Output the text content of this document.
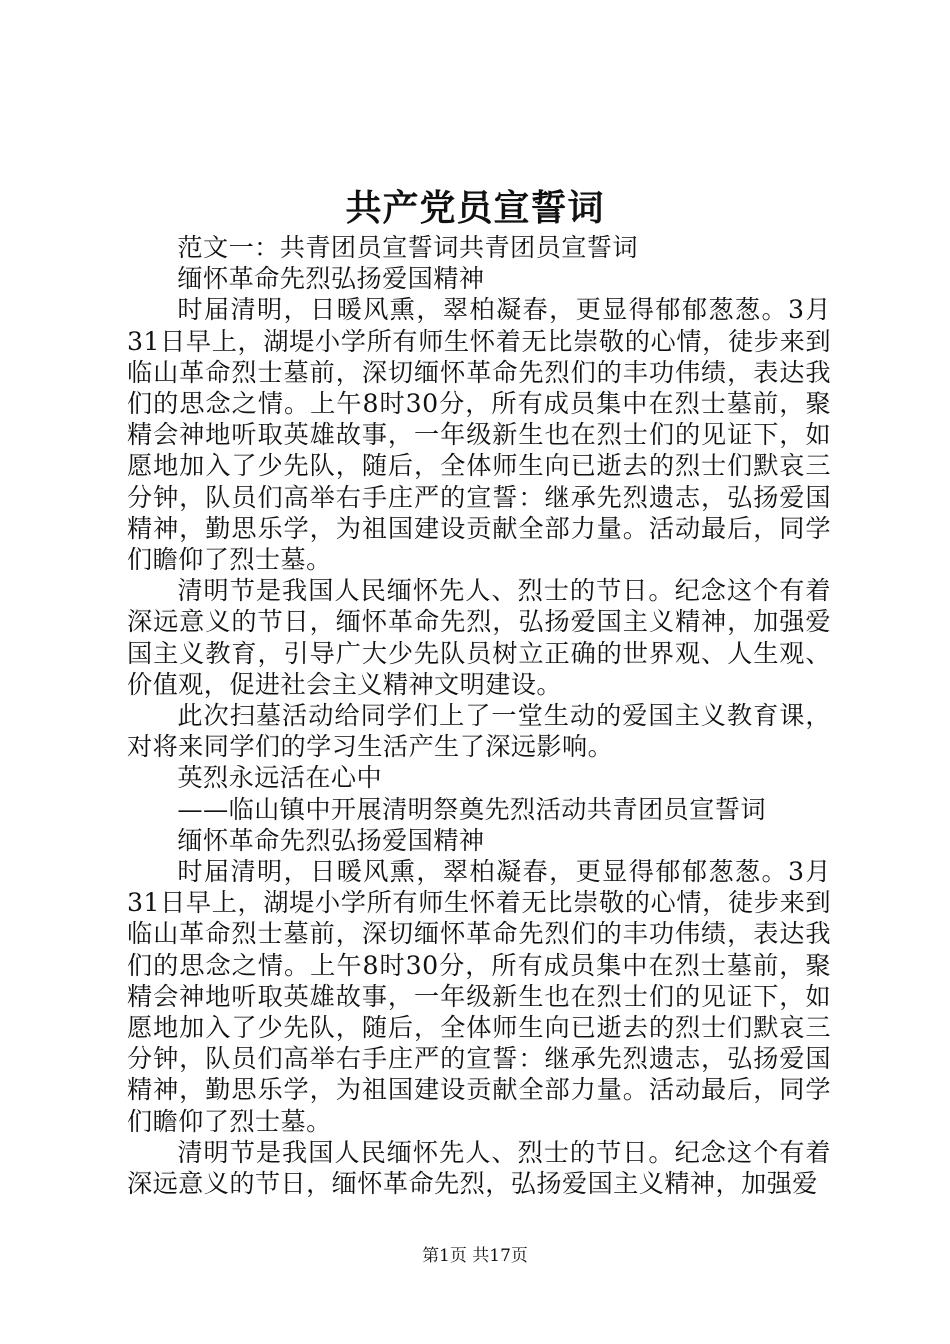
共产党员宣誓词

范文一：共青团员宣誓词共青团员宣誓词

缅怀革命先烈弘扬爱国精神

时届清明，日暖风熏，翠柏凝春，更显得郁郁葱葱。3月31日早上，湖堤小学所有师生怀着无比崇敬的心情，徒步来到临山革命烈士墓前，深切缅怀革命先烈们的丰功伟绩，表达我们的思念之情。上午8时30分，所有成员集中在烈士墓前，聚精会神地听取英雄故事，一年级新生也在烈士们的见证下，如愿地加入了少先队，随后，全体师生向已逝去的烈士们默哀三分钟，队员们高举右手庄严的宣誓：继承先烈遗志，弘扬爱国精神，勤思乐学，为祖国建设贡献全部力量。活动最后，同学们瞻仰了烈士墓。

清明节是我国人民缅怀先人、烈士的节日。纪念这个有着深远意义的节日，缅怀革命先烈，弘扬爱国主义精神，加强爱国主义教育，引导广大少先队员树立正确的世界观、人生观、价值观，促进社会主义精神文明建设。

此次扫墓活动给同学们上了一堂生动的爱国主义教育课，对将来同学们的学习生活产生了深远影响。

英烈永远活在心中

——临山镇中开展清明祭奠先烈活动共青团员宣誓词

缅怀革命先烈弘扬爱国精神

时届清明，日暖风熏，翠柏凝春，更显得郁郁葱葱。3月31日早上，湖堤小学所有师生怀着无比崇敬的心情，徒步来到临山革命烈士墓前，深切缅怀革命先烈们的丰功伟绩，表达我们的思念之情。上午8时30分，所有成员集中在烈士墓前，聚精会神地听取英雄故事，一年级新生也在烈士们的见证下，如愿地加入了少先队，随后，全体师生向已逝去的烈士们默哀三分钟，队员们高举右手庄严的宣誓：继承先烈遗志，弘扬爱国精神，勤思乐学，为祖国建设贡献全部力量。活动最后，同学们瞻仰了烈士墓。

清明节是我国人民缅怀先人、烈士的节日。纪念这个有着深远意义的节日，缅怀革命先烈，弘扬爱国主义精神，加强爱

第1页 共17页
